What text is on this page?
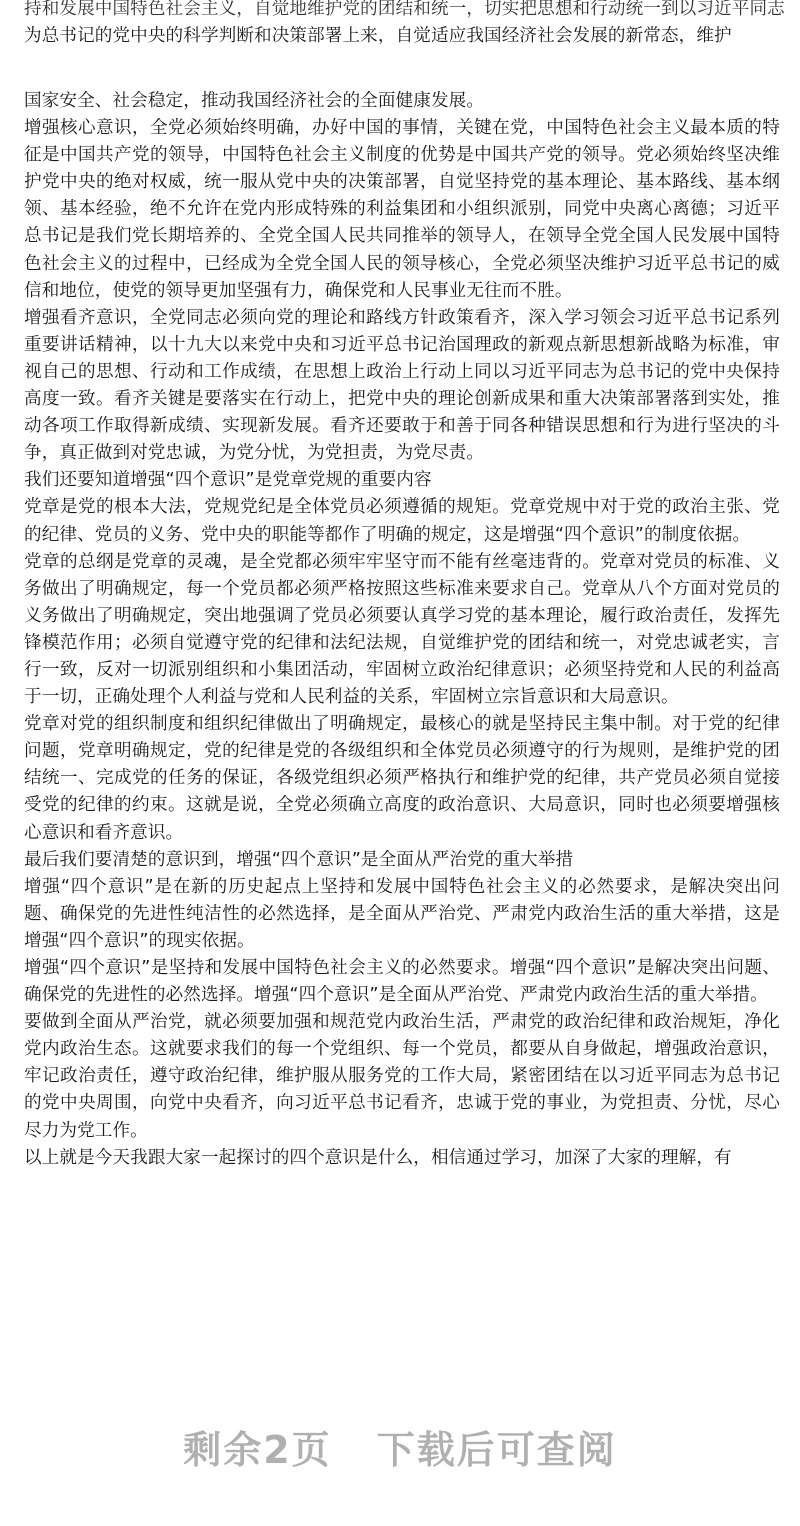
持和发展中国特色社会主义，自觉地维护党的团结和统一，切实把思想和行动统一到以习近平同志

为总书记的党中央的科学判断和决策部署上来，自觉适应我国经济社会发展的新常态，维护

国家安全、社会稳定，推动我国经济社会的全面健康发展。

增强核心意识，全党必须始终明确，办好中国的事情，关键在党，中国特色社会主义最本质的特征是中国共产党的领导，中国特色社会主义制度的优势是中国共产党的领导。党必须始终坚决维护党中央的绝对权威，统一服从党中央的决策部署，自觉坚持党的基本理论、基本路线、基本纲领、基本经验，绝不允许在党内形成特殊的利益集团和小组织派别，同党中央离心离德；习近平总书记是我们党长期培养的、全党全国人民共同推举的领导人，在领导全党全国人民发展中国特色社会主义的过程中，已经成为全党全国人民的领导核心，全党必须坚决维护习近平总书记的威信和地位，使党的领导更加坚强有力，确保党和人民事业无往而不胜。

增强看齐意识，全党同志必须向党的理论和路线方针政策看齐，深入学习领会习近平总书记系列重要讲话精神，以十九大以来党中央和习近平总书记治国理政的新观点新思想新战略为标准，审视自己的思想、行动和工作成绩，在思想上政治上行动上同以习近平同志为总书记的党中央保持高度一致。看齐关键是要落实在行动上，把党中央的理论创新成果和重大决策部署落到实处，推动各项工作取得新成绩、实现新发展。看齐还要敢于和善于同各种错误思想和行为进行坚决的斗争，真正做到对党忠诚，为党分忧，为党担责，为党尽责。

我们还要知道增强“四个意识”是党章党规的重要内容

党章是党的根本大法，党规党纪是全体党员必须遵循的规矩。党章党规中对于党的政治主张、党的纪律、党员的义务、党中央的职能等都作了明确的规定，这是增强“四个意识”的制度依据。

党章的总纲是党章的灵魂，是全党都必须牢牢坚守而不能有丝毫违背的。党章对党员的标准、义务做出了明确规定，每一个党员都必须严格按照这些标准来要求自己。党章从八个方面对党员的义务做出了明确规定，突出地强调了党员必须要认真学习党的基本理论，履行政治责任，发挥先锋模范作用；必须自觉遵守党的纪律和法纪法规，自觉维护党的团结和统一，对党忠诚老实，言行一致，反对一切派别组织和小集团活动，牢固树立政治纪律意识；必须坚持党和人民的利益高于一切，正确处理个人利益与党和人民利益的关系，牢固树立宗旨意识和大局意识。

党章对党的组织制度和组织纪律做出了明确规定，最核心的就是坚持民主集中制。对于党的纪律问题，党章明确规定，党的纪律是党的各级组织和全体党员必须遵守的行为规则，是维护党的团结统一、完成党的任务的保证，各级党组织必须严格执行和维护党的纪律，共产党员必须自觉接受党的纪律的约束。这就是说，全党必须确立高度的政治意识、大局意识，同时也必须要增强核心意识和看齐意识。

最后我们要清楚的意识到，增强“四个意识”是全面从严治党的重大举措

增强“四个意识”是在新的历史起点上坚持和发展中国特色社会主义的必然要求，是解决突出问题、确保党的先进性纯洁性的必然选择，是全面从严治党、严肃党内政治生活的重大举措，这是增强“四个意识”的现实依据。

增强“四个意识”是坚持和发展中国特色社会主义的必然要求。增强“四个意识”是解决突出问题、确保党的先进性的必然选择。增强“四个意识”是全面从严治党、严肃党内政治生活的重大举措。

要做到全面从严治党，就必须要加强和规范党内政治生活，严肃党的政治纪律和政治规矩，净化党内政治生态。这就要求我们的每一个党组织、每一个党员，都要从自身做起，增强政治意识，牢记政治责任，遵守政治纪律，维护服从服务党的工作大局，紧密团结在以习近平同志为总书记的党中央周围，向党中央看齐，向习近平总书记看齐，忠诚于党的事业，为党担责、分忧，尽心尽力为党工作。

以上就是今天我跟大家一起探讨的四个意识是什么，相信通过学习，加深了大家的理解，有

剩余2页 下载后可查阅
